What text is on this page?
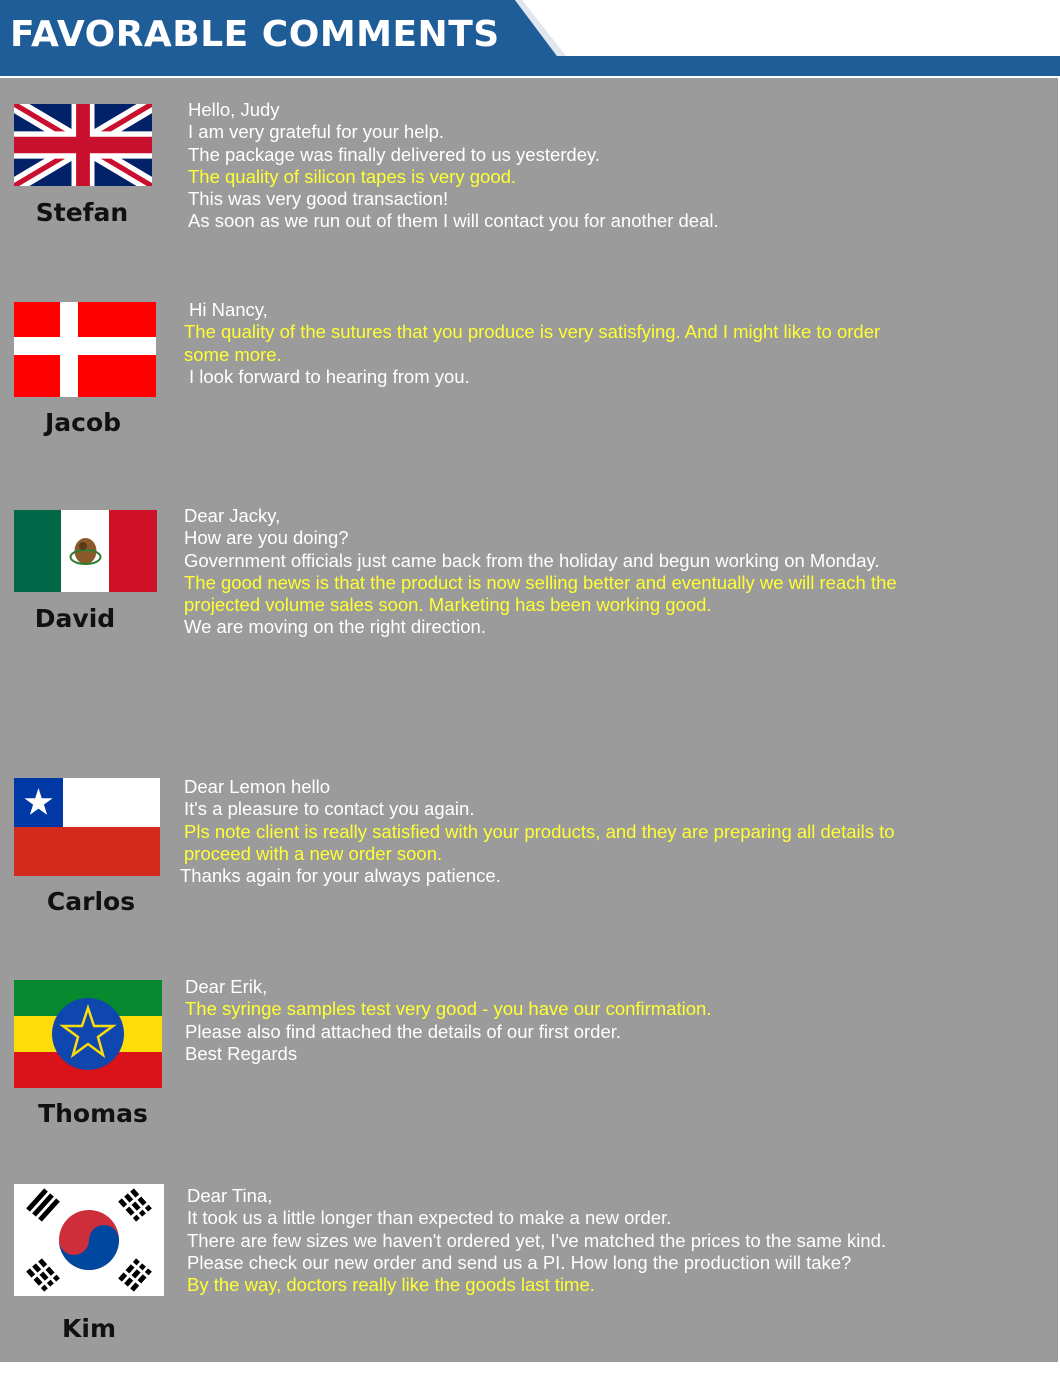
FAVORABLE COMMENTS
Stefan
Hello, Judy
I am very grateful for your help.
The package was finally delivered to us yesterdey.
The quality of silicon tapes is very good.
This was very good transaction!
As soon as we run out of them I will contact you for another deal.
Jacob
Hi Nancy,
The quality of the sutures that you produce is very satisfying. And I might like to order some more.
I look forward to hearing from you.
David
Dear Jacky,
How are you doing?
Government officials just came back from the holiday and begun working on Monday.
The good news is that the product is now selling better and eventually we will reach the projected volume sales soon. Marketing has been working good.
We are moving on the right direction.
Carlos
Dear Lemon hello
It's a pleasure to contact you again.
Pls note client is really satisfied with your products, and they are preparing all details to proceed with a new order soon.
Thanks again for your always patience.
Thomas
Dear Erik,
The syringe samples test very good - you have our confirmation.
Please also find attached the details of our first order.
Best Regards
Kim
Dear Tina,
It took us a little longer than expected to make a new order.
There are few sizes we haven't ordered yet, I've matched the prices to the same kind.
Please check our new order and send us a PI. How long the production will take?
By the way, doctors really like the goods last time.
